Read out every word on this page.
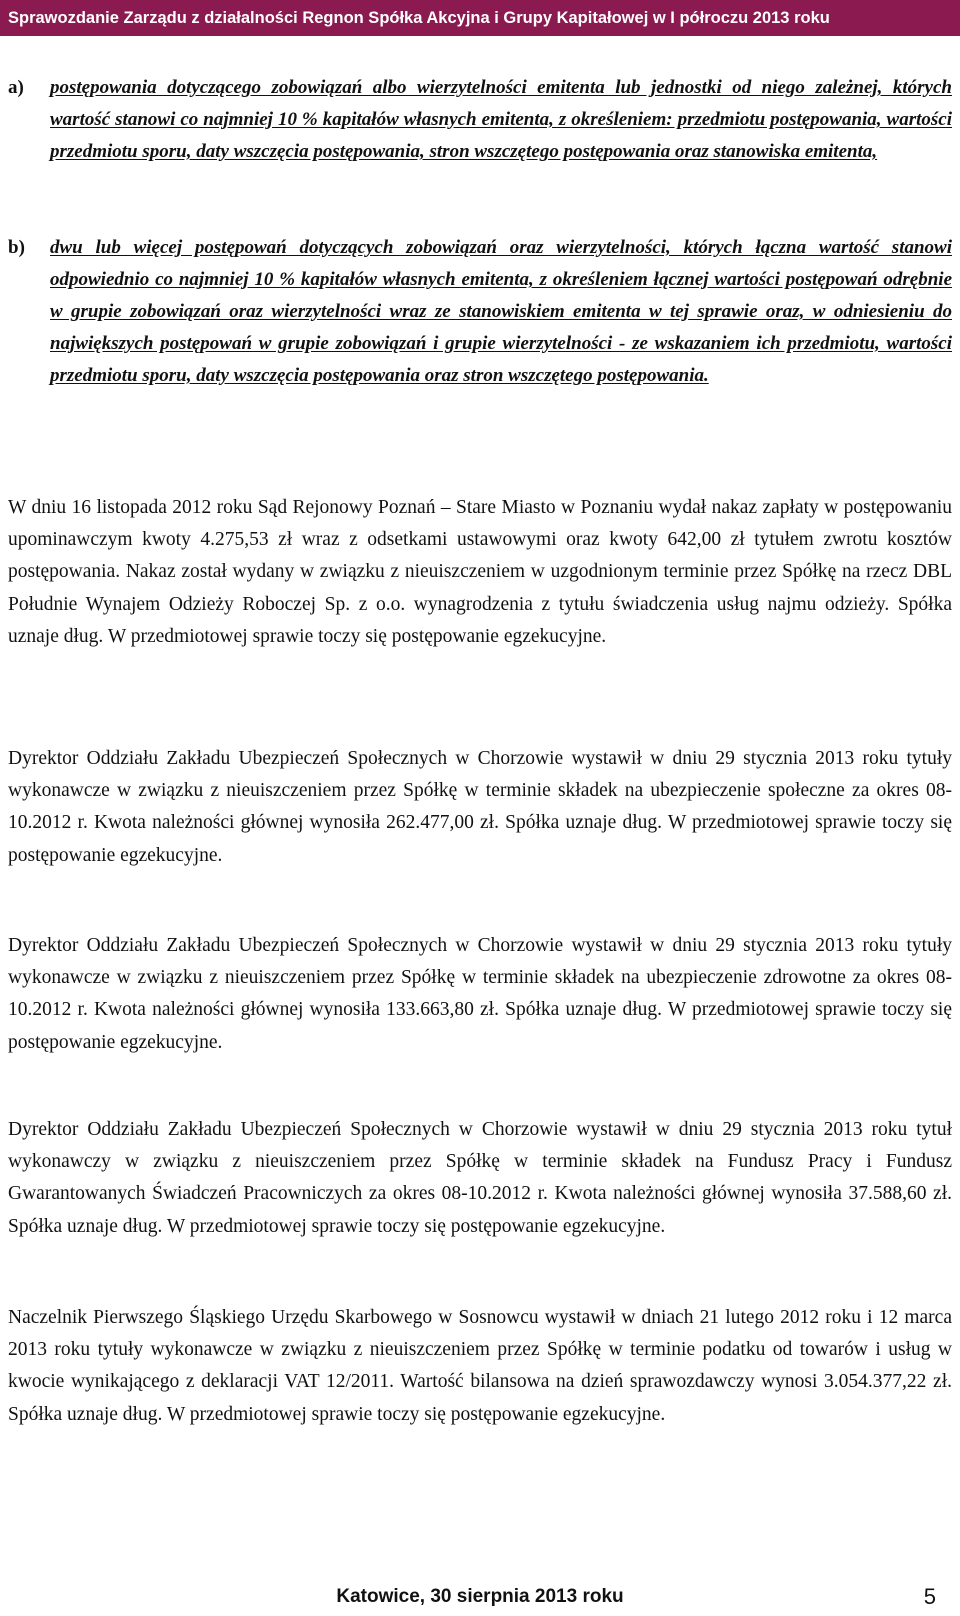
Sprawozdanie Zarządu z działalności Regnon Spółka Akcyjna i Grupy Kapitałowej w I półroczu 2013 roku
a)	postępowania dotyczącego zobowiązań albo wierzytelności emitenta lub jednostki od niego zależnej, których wartość stanowi co najmniej 10 % kapitałów własnych emitenta, z określeniem: przedmiotu postępowania, wartości przedmiotu sporu, daty wszczęcia postępowania, stron wszczętego postępowania oraz stanowiska emitenta,
b)	dwu lub więcej postępowań dotyczących zobowiązań oraz wierzytelności, których łączna wartość stanowi odpowiednio co najmniej 10 % kapitałów własnych emitenta, z określeniem łącznej wartości postępowań odrębnie w grupie zobowiązań oraz wierzytelności wraz ze stanowiskiem emitenta w tej sprawie oraz, w odniesieniu do największych postępowań w grupie zobowiązań i grupie wierzytelności - ze wskazaniem ich przedmiotu, wartości przedmiotu sporu, daty wszczęcia postępowania oraz stron wszczętego postępowania.

W dniu 16 listopada 2012 roku Sąd Rejonowy Poznań – Stare Miasto w Poznaniu wydał nakaz zapłaty w postępowaniu upominawczym kwoty 4.275,53 zł wraz z odsetkami ustawowymi oraz kwoty 642,00 zł tytułem zwrotu kosztów postępowania. Nakaz został wydany w związku z nieuiszczeniem w uzgodnionym terminie przez Spółkę na rzecz DBL Południe Wynajem Odzieży Roboczej Sp. z o.o. wynagrodzenia z tytułu świadczenia usług najmu odzieży. Spółka uznaje dług. W przedmiotowej sprawie toczy się postępowanie egzekucyjne.

Dyrektor Oddziału Zakładu Ubezpieczeń Społecznych w Chorzowie wystawił w dniu 29 stycznia 2013 roku tytuły wykonawcze w związku z nieuiszczeniem przez Spółkę w terminie składek na ubezpieczenie społeczne za okres 08-10.2012 r. Kwota należności głównej wynosiła 262.477,00 zł. Spółka uznaje dług. W przedmiotowej sprawie toczy się postępowanie egzekucyjne.

Dyrektor Oddziału Zakładu Ubezpieczeń Społecznych w Chorzowie wystawił w dniu 29 stycznia 2013 roku tytuły wykonawcze w związku z nieuiszczeniem przez Spółkę w terminie składek na ubezpieczenie zdrowotne za okres 08-10.2012 r. Kwota należności głównej wynosiła 133.663,80 zł. Spółka uznaje dług. W przedmiotowej sprawie toczy się postępowanie egzekucyjne.

Dyrektor Oddziału Zakładu Ubezpieczeń Społecznych w Chorzowie wystawił w dniu 29 stycznia 2013 roku tytuł wykonawczy w związku z nieuiszczeniem przez Spółkę w terminie składek na Fundusz Pracy i Fundusz Gwarantowanych Świadczeń Pracowniczych za okres 08-10.2012 r. Kwota należności głównej wynosiła 37.588,60 zł. Spółka uznaje dług. W przedmiotowej sprawie toczy się postępowanie egzekucyjne.

Naczelnik Pierwszego Śląskiego Urzędu Skarbowego w Sosnowcu wystawił w dniach 21 lutego 2012 roku i 12 marca 2013 roku tytuły wykonawcze w związku z nieuiszczeniem przez Spółkę w terminie podatku od towarów i usług w kwocie wynikającego z deklaracji VAT 12/2011. Wartość bilansowa na dzień sprawozdawczy wynosi 3.054.377,22 zł. Spółka uznaje dług. W przedmiotowej sprawie toczy się postępowanie egzekucyjne.

Katowice, 30 sierpnia 2013 roku	5
